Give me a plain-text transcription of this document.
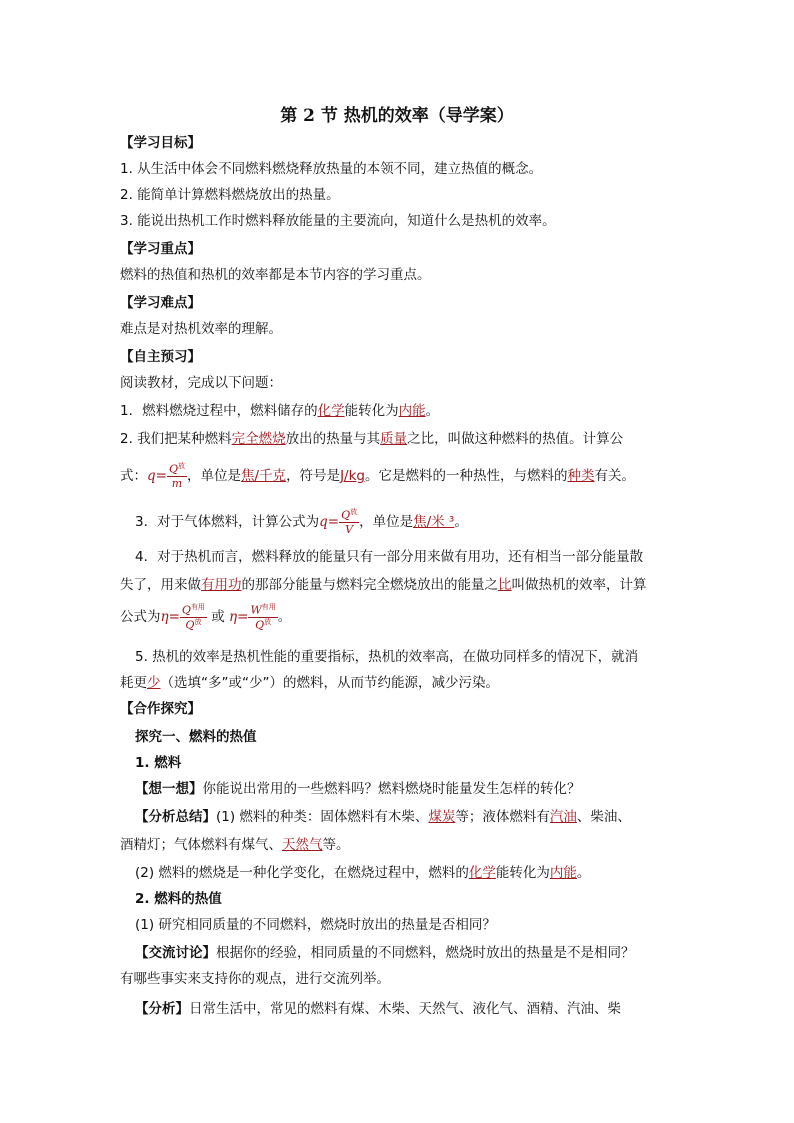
第 2 节 热机的效率（导学案）
【学习目标】
1. 从生活中体会不同燃料燃烧释放热量的本领不同，建立热值的概念。
2. 能简单计算燃料燃烧放出的热量。
3. 能说出热机工作时燃料释放能量的主要流向，知道什么是热机的效率。
【学习重点】
燃料的热值和热机的效率都是本节内容的学习重点。
【学习难点】
难点是对热机效率的理解。
【自主预习】
阅读教材，完成以下问题：
1．燃料燃烧过程中，燃料储存的化学能转化为内能。
2. 我们把某种燃料完全燃烧放出的热量与其质量之比，叫做这种燃料的热值。计算公
式：$q= \frac{Q^放}{m}$ ，单位是焦/千克，符号是J/kg。它是燃料的一种热性，与燃料的种类有关。
3．对于气体燃料，计算公式为$q= \frac{Q^放}{V}$ ，单位是焦/米 ³。
4．对于热机而言，燃料释放的能量只有一部分用来做有用功，还有相当一部分能量散
失了，用来做有用功的那部分能量与燃料完全燃烧放出的能量之比叫做热机的效率，计算
公式为$\eta= \frac{Q^{有用}}{Q^放}$ 或 $\eta= \frac{W^{有用}}{Q^放}$ 。
5. 热机的效率是热机性能的重要指标，热机的效率高，在做功同样多的情况下，就消
耗更少（选填“多”或“少”）的燃料，从而节约能源，减少污染。
【合作探究】
探究一、燃料的热值
1. 燃料
【想一想】你能说出常用的一些燃料吗？燃料燃烧时能量发生怎样的转化？
【分析总结】(1) 燃料的种类：固体燃料有木柴、煤炭等；液体燃料有汽油、柴油、
酒精灯；气体燃料有煤气、天然气等。
(2) 燃料的燃烧是一种化学变化，在燃烧过程中，燃料的化学能转化为内能。
2. 燃料的热值
(1) 研究相同质量的不同燃料，燃烧时放出的热量是否相同？
【交流讨论】根据你的经验，相同质量的不同燃料，燃烧时放出的热量是不是相同？
有哪些事实来支持你的观点，进行交流列举。
【分析】日常生活中，常见的燃料有煤、木柴、天然气、液化气、酒精、汽油、柴
